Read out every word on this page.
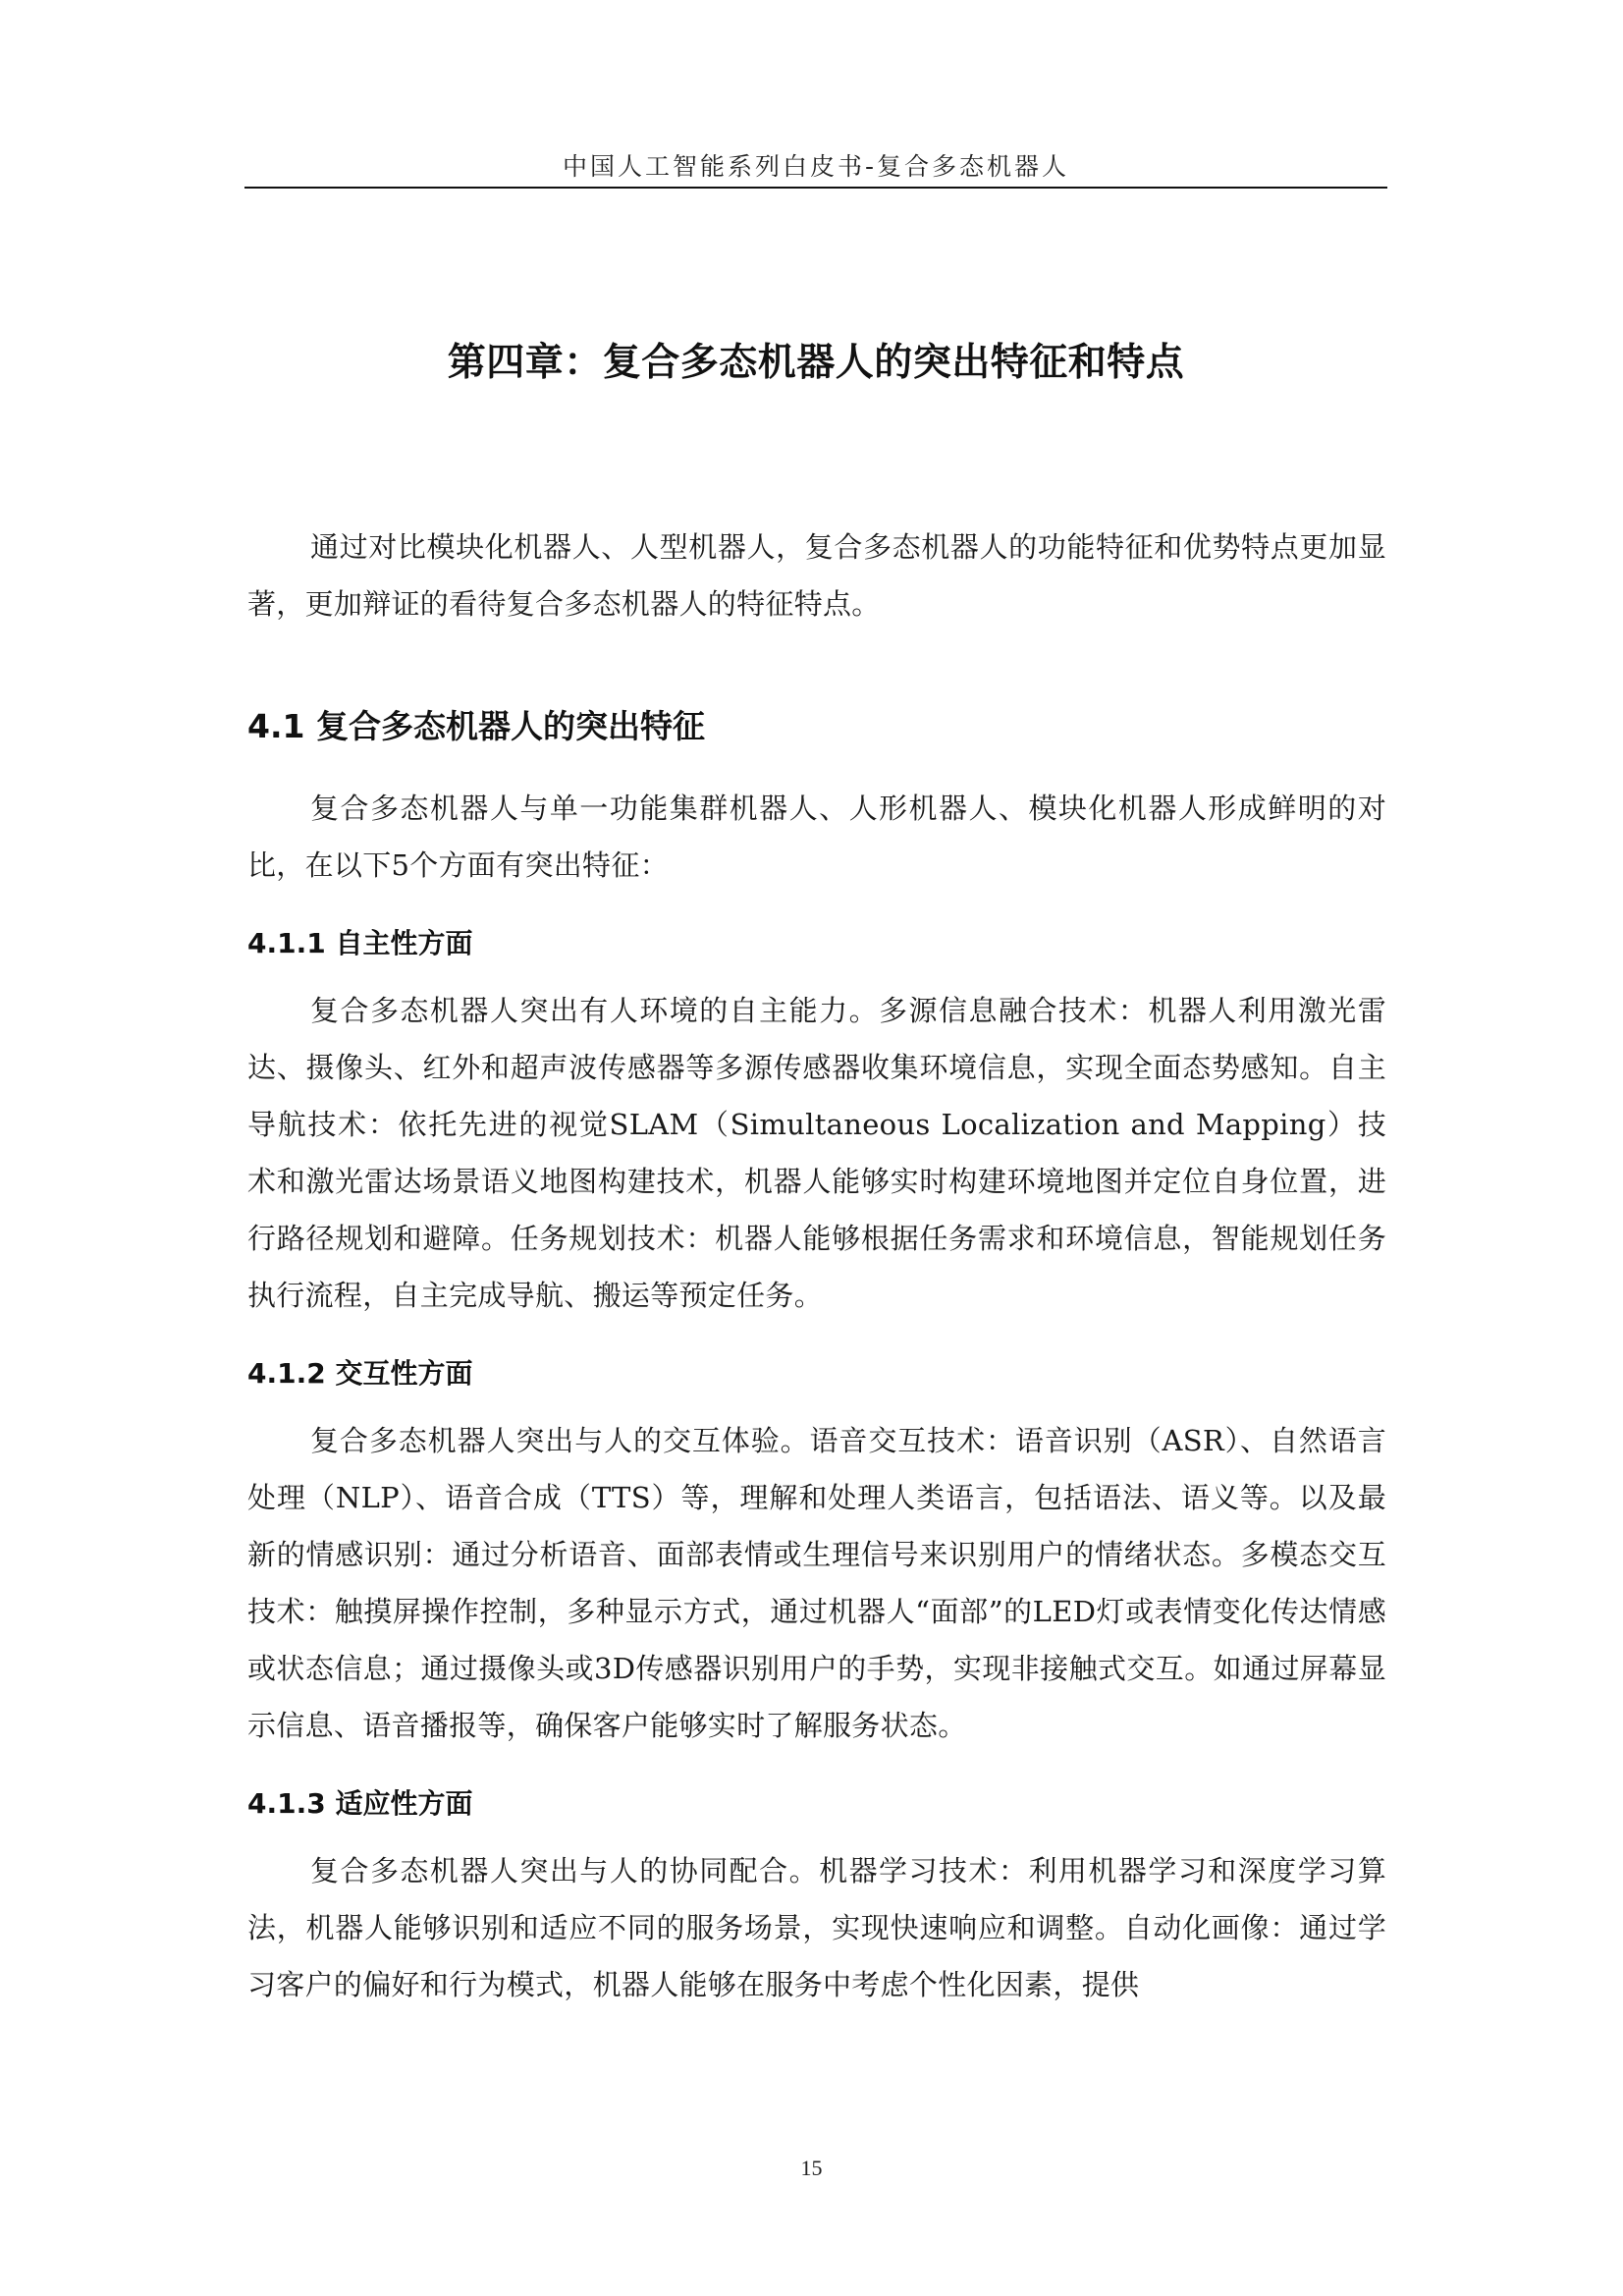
中国人工智能系列白皮书-复合多态机器人
第四章：复合多态机器人的突出特征和特点

通过对比模块化机器人、人型机器人，复合多态机器人的功能特征和优势特点更加显著，更加辩证的看待复合多态机器人的特征特点。

4.1 复合多态机器人的突出特征

复合多态机器人与单一功能集群机器人、人形机器人、模块化机器人形成鲜明的对比，在以下5个方面有突出特征：

4.1.1 自主性方面

复合多态机器人突出有人环境的自主能力。多源信息融合技术：机器人利用激光雷达、摄像头、红外和超声波传感器等多源传感器收集环境信息，实现全面态势感知。自主导航技术：依托先进的视觉SLAM（Simultaneous Localization and Mapping）技术和激光雷达场景语义地图构建技术，机器人能够实时构建环境地图并定位自身位置，进行路径规划和避障。任务规划技术：机器人能够根据任务需求和环境信息，智能规划任务执行流程，自主完成导航、搬运等预定任务。

4.1.2 交互性方面

复合多态机器人突出与人的交互体验。语音交互技术：语音识别（ASR）、自然语言处理（NLP）、语音合成（TTS）等，理解和处理人类语言，包括语法、语义等。以及最新的情感识别：通过分析语音、面部表情或生理信号来识别用户的情绪状态。多模态交互技术：触摸屏操作控制，多种显示方式，通过机器人“面部”的LED灯或表情变化传达情感或状态信息；通过摄像头或3D传感器识别用户的手势，实现非接触式交互。如通过屏幕显示信息、语音播报等，确保客户能够实时了解服务状态。

4.1.3 适应性方面

复合多态机器人突出与人的协同配合。机器学习技术：利用机器学习和深度学习算法，机器人能够识别和适应不同的服务场景，实现快速响应和调整。自动化画像：通过学习客户的偏好和行为模式，机器人能够在服务中考虑个性化因素，提供

15
